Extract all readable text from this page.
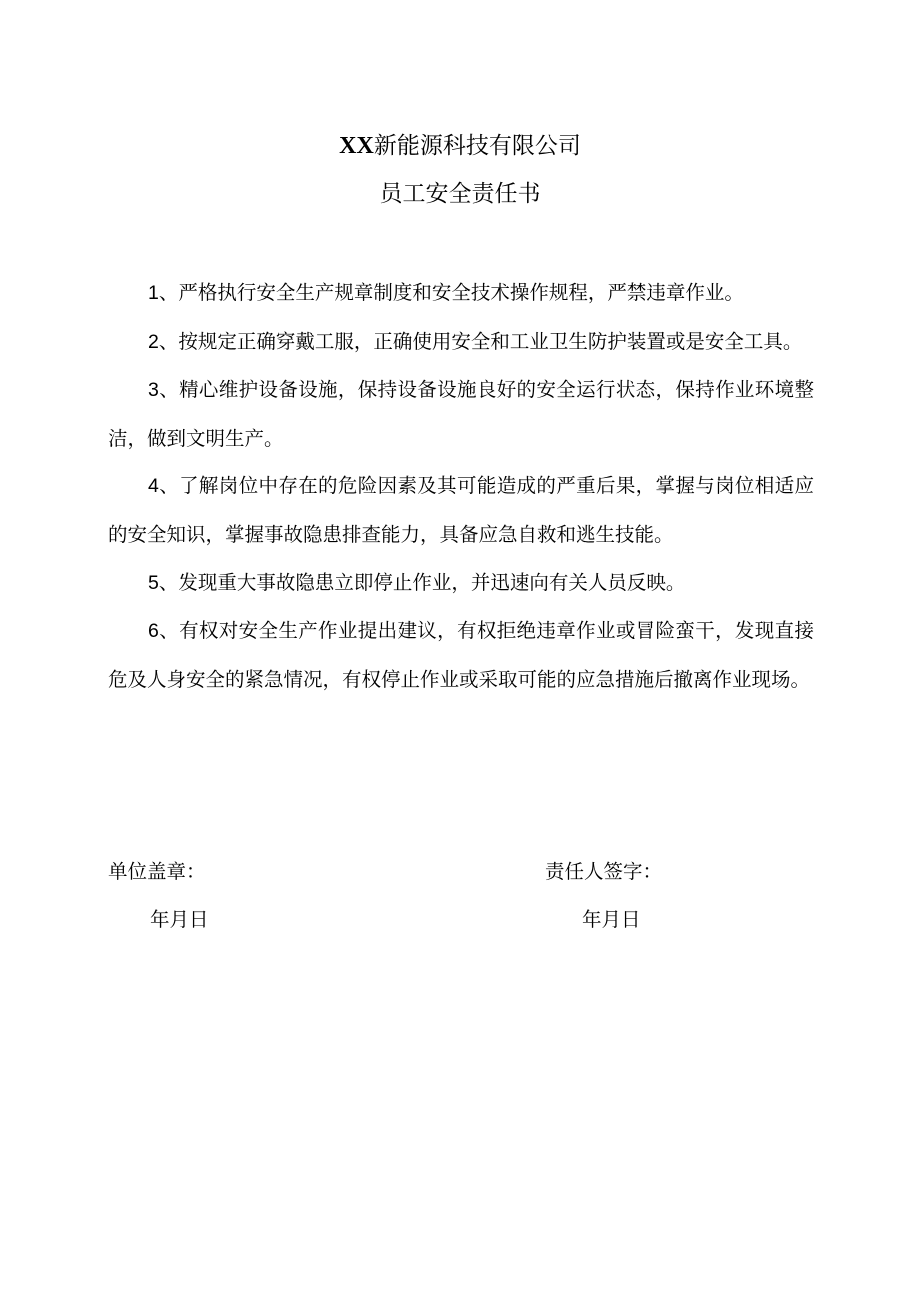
XX新能源科技有限公司
员工安全责任书

1、严格执行安全生产规章制度和安全技术操作规程，严禁违章作业。

2、按规定正确穿戴工服，正确使用安全和工业卫生防护装置或是安全工具。

3、精心维护设备设施，保持设备设施良好的安全运行状态，保持作业环境整洁，做到文明生产。

4、了解岗位中存在的危险因素及其可能造成的严重后果，掌握与岗位相适应的安全知识，掌握事故隐患排查能力，具备应急自救和逃生技能。

5、发现重大事故隐患立即停止作业，并迅速向有关人员反映。

6、有权对安全生产作业提出建议，有权拒绝违章作业或冒险蛮干，发现直接危及人身安全的紧急情况，有权停止作业或采取可能的应急措施后撤离作业现场。

单位盖章：	责任人签字：
年月日	年月日
